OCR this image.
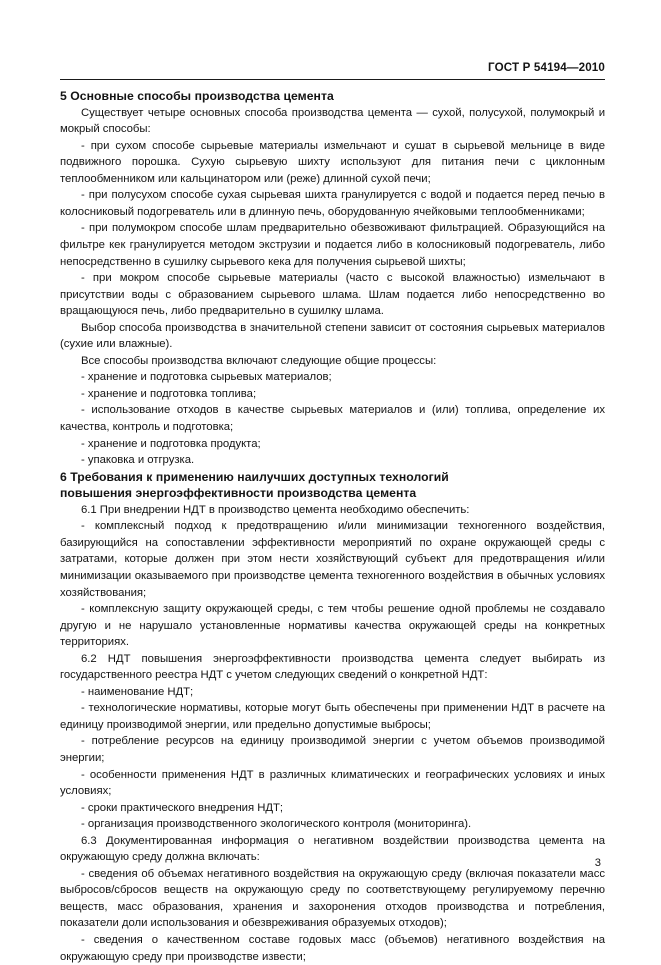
ГОСТ Р 54194—2010
5 Основные способы производства цемента

Существует четыре основных способа производства цемента — сухой, полусухой, полумокрый и мокрый способы:

- при сухом способе сырьевые материалы измельчают и сушат в сырьевой мельнице в виде подвижного порошка. Сухую сырьевую шихту используют для питания печи с циклонным теплообменником или кальцинатором или (реже) длинной сухой печи;

- при полусухом способе сухая сырьевая шихта гранулируется с водой и подается перед печью в колосниковый подогреватель или в длинную печь, оборудованную ячейковыми теплообменниками;

- при полумокром способе шлам предварительно обезвоживают фильтрацией. Образующийся на фильтре кек гранулируется методом экструзии и подается либо в колосниковый подогреватель, либо непосредственно в сушилку сырьевого кека для получения сырьевой шихты;

- при мокром способе сырьевые материалы (часто с высокой влажностью) измельчают в присутствии воды с образованием сырьевого шлама. Шлам подается либо непосредственно во вращающуюся печь, либо предварительно в сушилку шлама.

Выбор способа производства в значительной степени зависит от состояния сырьевых материалов (сухие или влажные).

Все способы производства включают следующие общие процессы:

- хранение и подготовка сырьевых материалов;

- хранение и подготовка топлива;

- использование отходов в качестве сырьевых материалов и (или) топлива, определение их качества, контроль и подготовка;

- хранение и подготовка продукта;

- упаковка и отгрузка.

6 Требования к применению наилучших доступных технологий
повышения энергоэффективности производства цемента

6.1 При внедрении НДТ в производство цемента необходимо обеспечить:

- комплексный подход к предотвращению и/или минимизации техногенного воздействия, базирующийся на сопоставлении эффективности мероприятий по охране окружающей среды с затратами, которые должен при этом нести хозяйствующий субъект для предотвращения и/или минимизации оказываемого при производстве цемента техногенного воздействия в обычных условиях хозяйствования;

- комплексную защиту окружающей среды, с тем чтобы решение одной проблемы не создавало другую и не нарушало установленные нормативы качества окружающей среды на конкретных территориях.

6.2 НДТ повышения энергоэффективности производства цемента следует выбирать из государственного реестра НДТ с учетом следующих сведений о конкретной НДТ:

- наименование НДТ;

- технологические нормативы, которые могут быть обеспечены при применении НДТ в расчете на единицу производимой энергии, или предельно допустимые выбросы;

- потребление ресурсов на единицу производимой энергии с учетом объемов производимой энергии;

- особенности применения НДТ в различных климатических и географических условиях и иных условиях;

- сроки практического внедрения НДТ;

- организация производственного экологического контроля (мониторинга).

6.3 Документированная информация о негативном воздействии производства цемента на окружающую среду должна включать:

- сведения об объемах негативного воздействия на окружающую среду (включая показатели масс выбросов/сбросов веществ на окружающую среду по соответствующему регулируемому перечню веществ, масс образования, хранения и захоронения отходов производства и потребления, показатели доли использования и обезвреживания образуемых отходов);

- сведения о качественном составе годовых масс (объемов) негативного воздействия на окружающую среду при производстве извести;

3
